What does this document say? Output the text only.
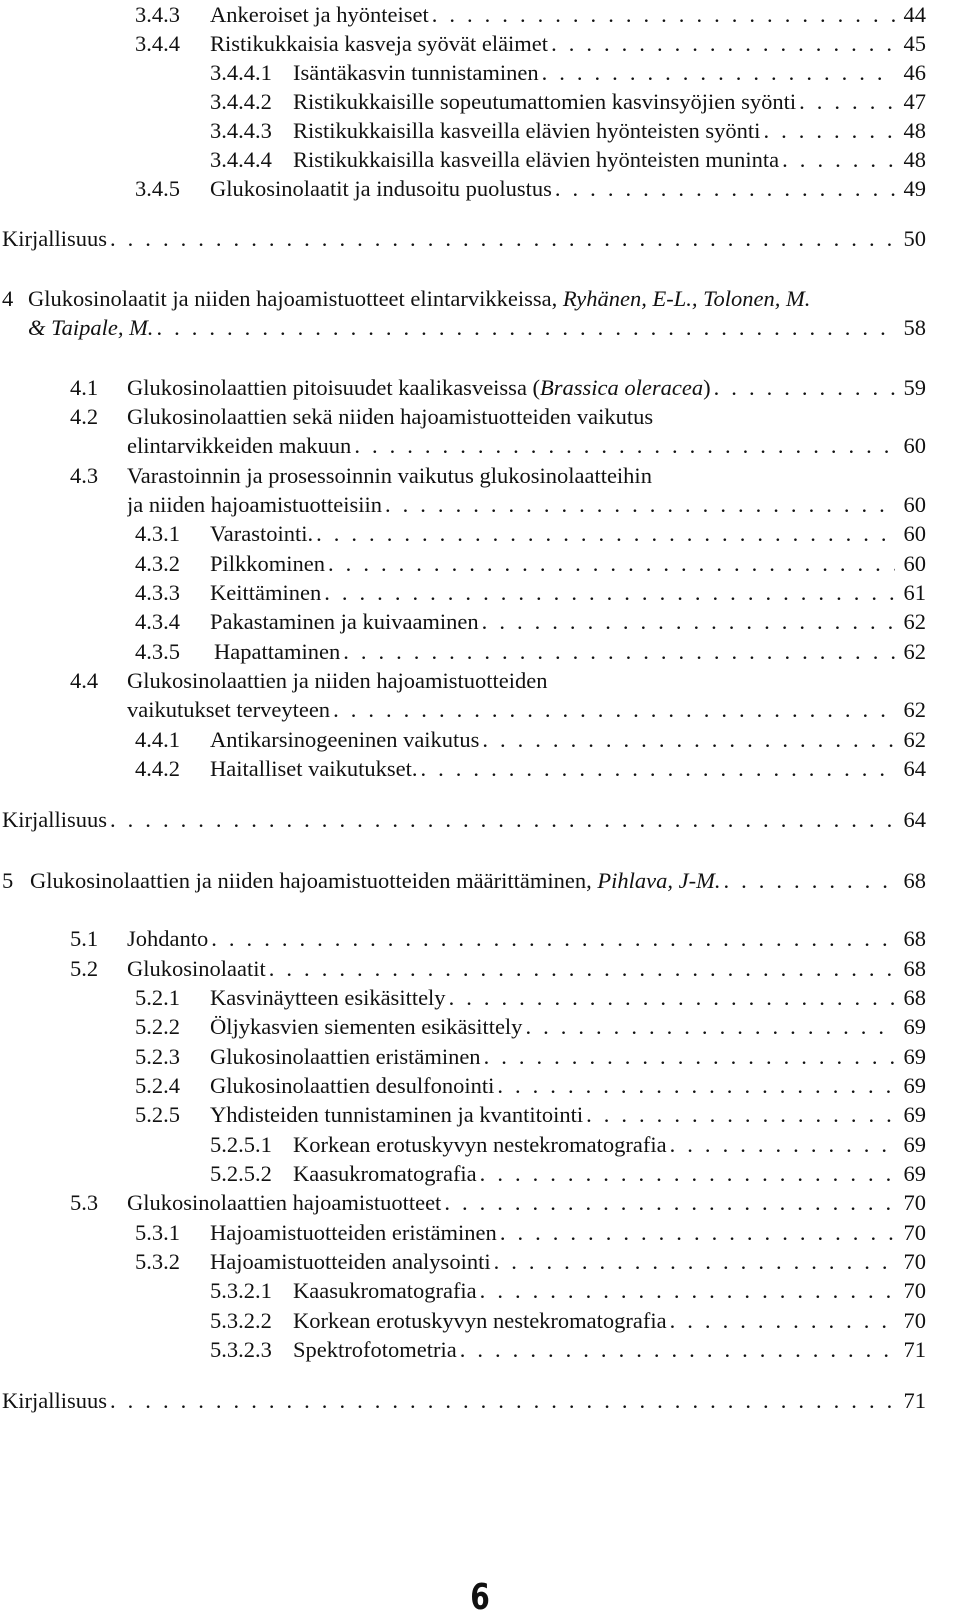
3.4.3 Ankeroiset ja hyönteiset . . .	44
3.4.4 Ristikukkaisia kasveja syövät eläimet . . .	45
3.4.4.1 Isäntäkasvin tunnistaminen . . .	46
3.4.4.2 Ristikukkaisille sopeutumattomien kasvinsyöjien syönti . . .	47
3.4.4.3 Ristikukkaisilla kasveilla elävien hyönteisten syönti . . .	48
3.4.4.4 Ristikukkaisilla kasveilla elävien hyönteisten muninta . . .	48
3.4.5 Glukosinolaatit ja indusoitu puolustus . . .	49
Kirjallisuus . . .	50
4 Glukosinolaatit ja niiden hajoamistuotteet elintarvikkeissa, Ryhänen, E-L., Tolonen, M.
& Taipale, M. . . .	58
4.1 Glukosinolaattien pitoisuudet kaalikasveissa (Brassica oleracea) . . .	59
4.2 Glukosinolaattien sekä niiden hajoamistuotteiden vaikutus
elintarvikkeiden makuun . . .	60
4.3 Varastoinnin ja prosessoinnin vaikutus glukosinolaatteihin
ja niiden hajoamistuotteisiin . . .	60
4.3.1 Varastointi. . . .	60
4.3.2 Pilkkominen . . .	60
4.3.3 Keittäminen . . .	61
4.3.4 Pakastaminen ja kuivaaminen . . .	62
4.3.5 Hapattaminen . . .	62
4.4 Glukosinolaattien ja niiden hajoamistuotteiden
vaikutukset terveyteen . . .	62
4.4.1 Antikarsinogeeninen vaikutus . . .	62
4.4.2 Haitalliset vaikutukset. . . .	64
Kirjallisuus . . .	64
5 Glukosinolaattien ja niiden hajoamistuotteiden määrittäminen, Pihlava, J-M. . . .	68
5.1 Johdanto . . .	68
5.2 Glukosinolaatit . . .	68
5.2.1 Kasvinäytteen esikäsittely . . .	68
5.2.2 Öljykasvien siementen esikäsittely . . .	69
5.2.3 Glukosinolaattien eristäminen . . .	69
5.2.4 Glukosinolaattien desulfonointi . . .	69
5.2.5 Yhdisteiden tunnistaminen ja kvantitointi . . .	69
5.2.5.1 Korkean erotuskyvyn nestekromatografia . . .	69
5.2.5.2 Kaasukromatografia . . .	69
5.3 Glukosinolaattien hajoamistuotteet . . .	70
5.3.1 Hajoamistuotteiden eristäminen . . .	70
5.3.2 Hajoamistuotteiden analysointi . . .	70
5.3.2.1 Kaasukromatografia . . .	70
5.3.2.2 Korkean erotuskyvyn nestekromatografia . . .	70
5.3.2.3 Spektrofotometria . . .	71
Kirjallisuus . . .	71
6
